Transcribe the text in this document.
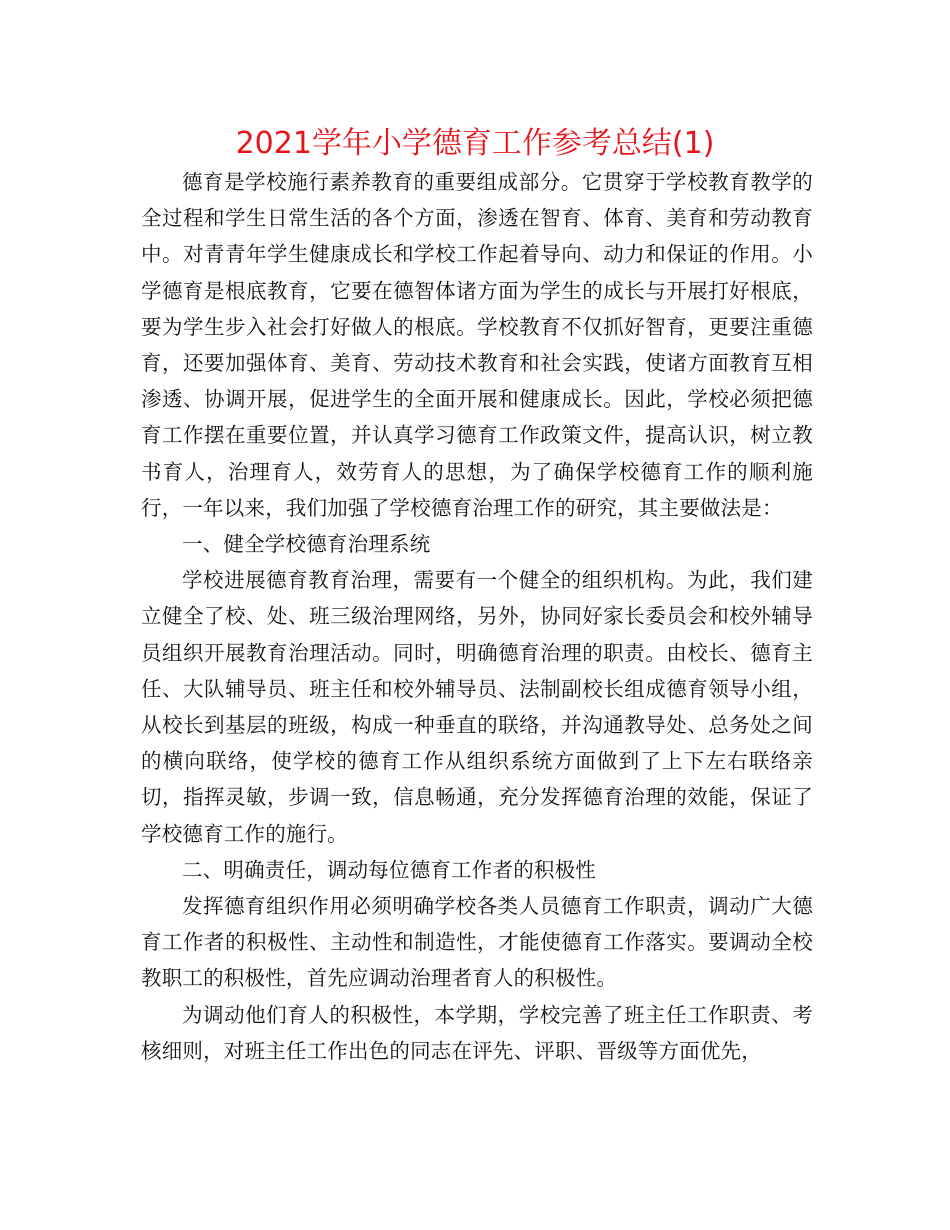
2021学年小学德育工作参考总结(1)

德育是学校施行素养教育的重要组成部分。它贯穿于学校教育教学的全过程和学生日常生活的各个方面，渗透在智育、体育、美育和劳动教育中。对青青年学生健康成长和学校工作起着导向、动力和保证的作用。小学德育是根底教育，它要在德智体诸方面为学生的成长与开展打好根底，要为学生步入社会打好做人的根底。学校教育不仅抓好智育，更要注重德育，还要加强体育、美育、劳动技术教育和社会实践，使诸方面教育互相渗透、协调开展，促进学生的全面开展和健康成长。因此，学校必须把德育工作摆在重要位置，并认真学习德育工作政策文件，提高认识，树立教书育人，治理育人，效劳育人的思想，为了确保学校德育工作的顺利施行，一年以来，我们加强了学校德育治理工作的研究，其主要做法是：

一、健全学校德育治理系统

学校进展德育教育治理，需要有一个健全的组织机构。为此，我们建立健全了校、处、班三级治理网络，另外，协同好家长委员会和校外辅导员组织开展教育治理活动。同时，明确德育治理的职责。由校长、德育主任、大队辅导员、班主任和校外辅导员、法制副校长组成德育领导小组，从校长到基层的班级，构成一种垂直的联络，并沟通教导处、总务处之间的横向联络，使学校的德育工作从组织系统方面做到了上下左右联络亲切，指挥灵敏，步调一致，信息畅通，充分发挥德育治理的效能，保证了学校德育工作的施行。

二、明确责任，调动每位德育工作者的积极性

发挥德育组织作用必须明确学校各类人员德育工作职责，调动广大德育工作者的积极性、主动性和制造性，才能使德育工作落实。要调动全校教职工的积极性，首先应调动治理者育人的积极性。

为调动他们育人的积极性，本学期，学校完善了班主任工作职责、考核细则，对班主任工作出色的同志在评先、评职、晋级等方面优先，
